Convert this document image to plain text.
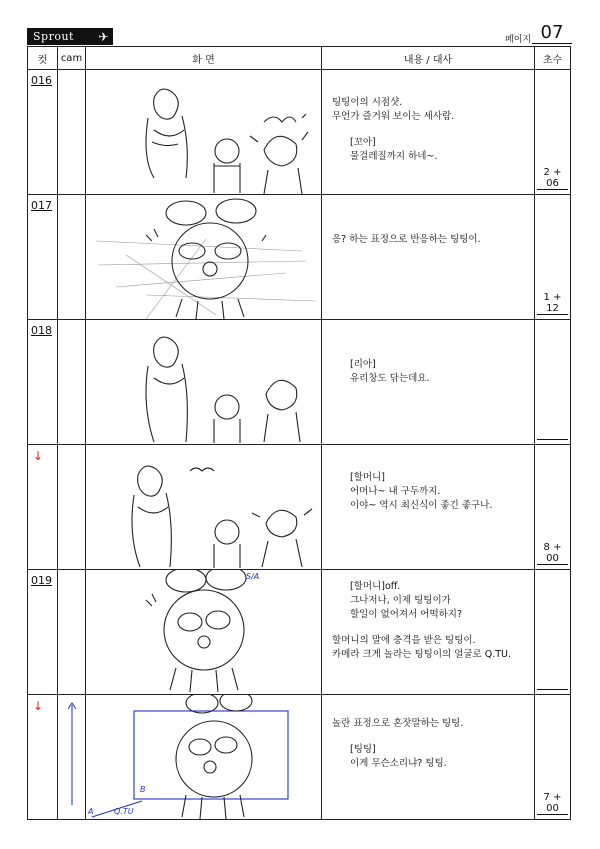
Sprout ✈	페이지 07
컷	cam	화 면	내용 / 대사	초수

016			팅팅이의 시점샷.
무언가 즐거워 보이는 세사람.
[꼬아]
물걸레질까지 하네~.	2 + 06

017			응? 하는 표정으로 반응하는 팅팅이.	1 + 12

018			[리아]
유리창도 닦는데요.	

↓			[할머니]
어머나~ 내 구두까지.
이야~ 역시 최신식이 좋긴 좋구나.	8 + 00

019		S/A	[할머니]off.
그나저나, 이제 팅팅이가
할일이 없어져서 어떡하지?
할머니의 말에 충격을 받은 팅팅이.
카메라 크게 놀라는 팅팅이의 얼굴로 Q.TU.	

↓		A
B
Q.TU	놀란 표정으로 혼잣말하는 팅팅.
[팅팅]
이게 무슨소리냐? 팅팅.	7 + 00
